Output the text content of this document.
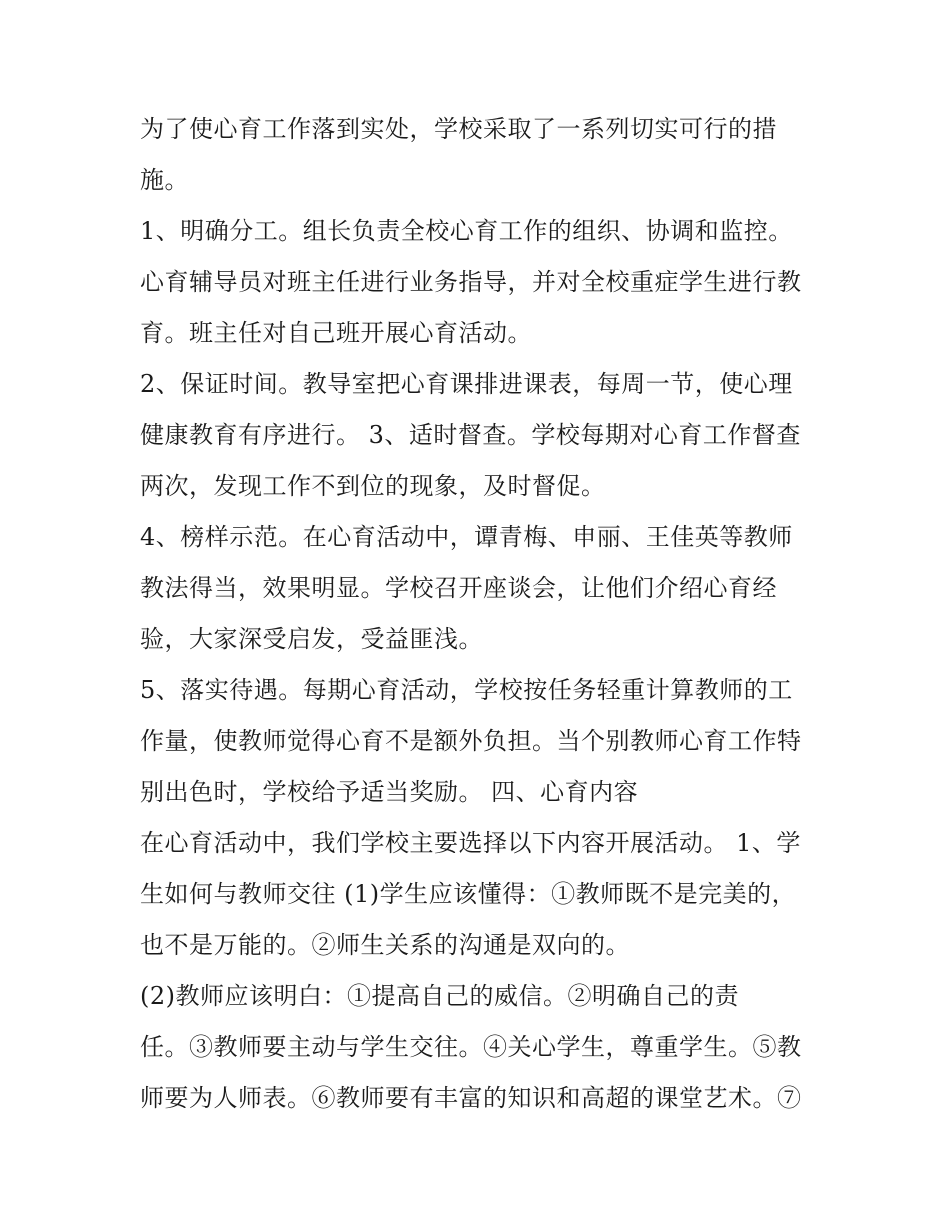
为了使心育工作落到实处，学校采取了一系列切实可行的措
施。
1、明确分工。组长负责全校心育工作的组织、协调和监控。
心育辅导员对班主任进行业务指导，并对全校重症学生进行教
育。班主任对自己班开展心育活动。
2、保证时间。教导室把心育课排进课表，每周一节，使心理
健康教育有序进行。 3、适时督查。学校每期对心育工作督查
两次，发现工作不到位的现象，及时督促。
4、榜样示范。在心育活动中，谭青梅、申丽、王佳英等教师
教法得当，效果明显。学校召开座谈会，让他们介绍心育经
验，大家深受启发，受益匪浅。
5、落实待遇。每期心育活动，学校按任务轻重计算教师的工
作量，使教师觉得心育不是额外负担。当个别教师心育工作特
别出色时，学校给予适当奖励。 四、心育内容
在心育活动中，我们学校主要选择以下内容开展活动。 1、学
生如何与教师交往 (1)学生应该懂得：①教师既不是完美的，
也不是万能的。②师生关系的沟通是双向的。
(2)教师应该明白：①提高自己的威信。②明确自己的责
任。③教师要主动与学生交往。④关心学生，尊重学生。⑤教
师要为人师表。⑥教师要有丰富的知识和高超的课堂艺术。⑦
